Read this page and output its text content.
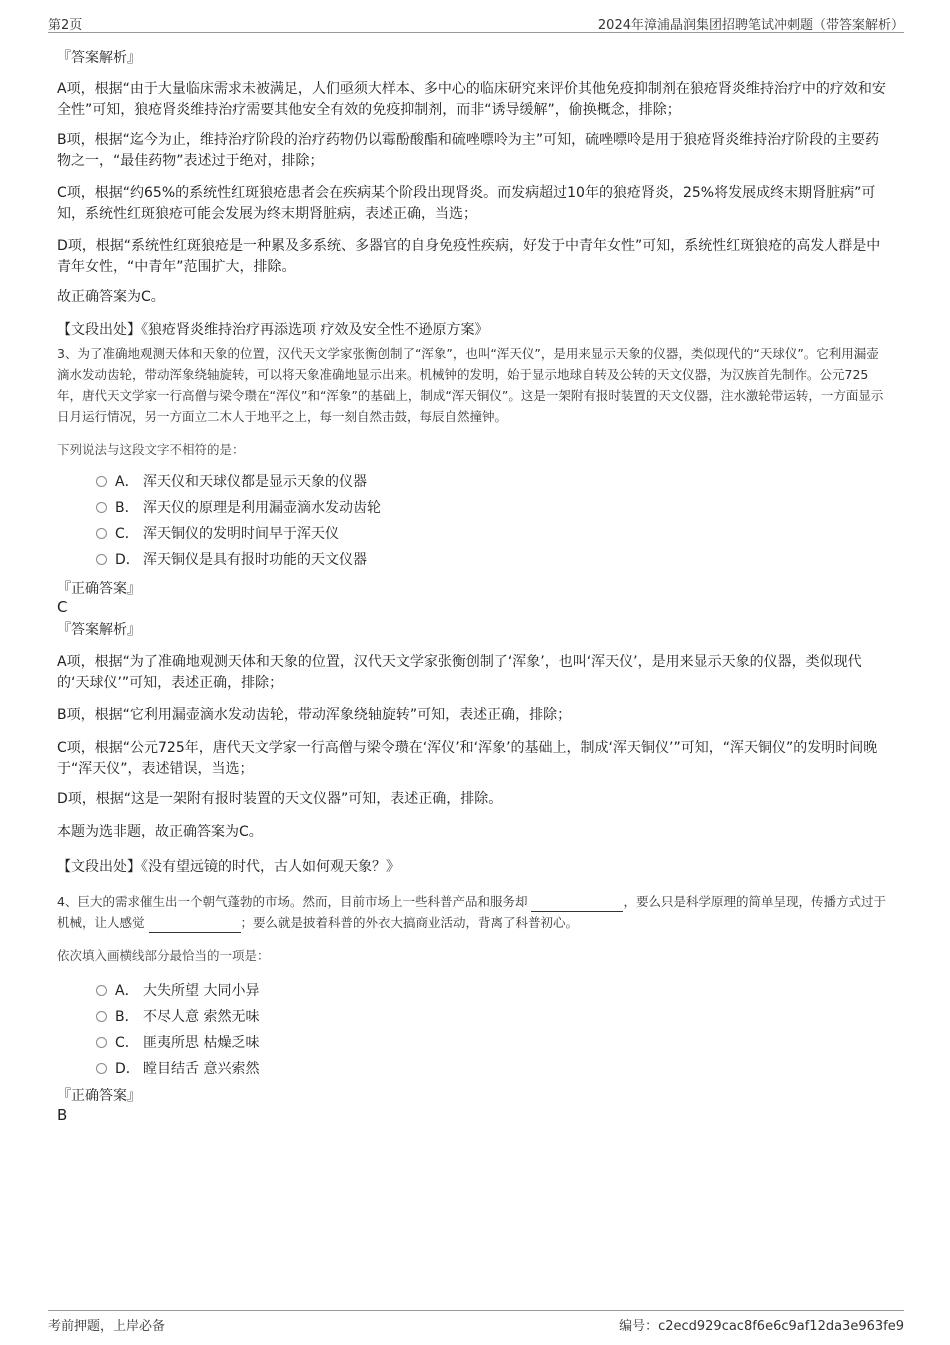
第2页	2024年漳浦晶润集团招聘笔试冲刺题（带答案解析）
『答案解析』
A项，根据“由于大量临床需求未被满足，人们亟须大样本、多中心的临床研究来评价其他免疫抑制剂在狼疮肾炎维持治疗中的疗效和安全性”可知，狼疮肾炎维持治疗需要其他安全有效的免疫抑制剂，而非“诱导缓解”，偷换概念，排除；
B项，根据“迄今为止，维持治疗阶段的治疗药物仍以霉酚酸酯和硫唑嘌呤为主”可知，硫唑嘌呤是用于狼疮肾炎维持治疗阶段的主要药物之一，“最佳药物”表述过于绝对，排除；
C项，根据“约65%的系统性红斑狼疮患者会在疾病某个阶段出现肾炎。而发病超过10年的狼疮肾炎，25%将发展成终末期肾脏病”可知，系统性红斑狼疮可能会发展为终末期肾脏病，表述正确，当选；
D项，根据“系统性红斑狼疮是一种累及多系统、多器官的自身免疫性疾病，好发于中青年女性”可知，系统性红斑狼疮的高发人群是中青年女性，“中青年”范围扩大，排除。
故正确答案为C。
【文段出处】《狼疮肾炎维持治疗再添选项 疗效及安全性不逊原方案》
3、为了准确地观测天体和天象的位置，汉代天文学家张衡创制了“浑象”，也叫“浑天仪”，是用来显示天象的仪器，类似现代的“天球仪”。它利用漏壶滴水发动齿轮，带动浑象绕轴旋转，可以将天象准确地显示出来。机械钟的发明，始于显示地球自转及公转的天文仪器，为汉族首先制作。公元725年，唐代天文学家一行高僧与梁令瓒在“浑仪”和“浑象”的基础上，制成“浑天铜仪”。这是一架附有报时装置的天文仪器，注水激轮带运转，一方面显示日月运行情况，另一方面立二木人于地平之上，每一刻自然击鼓，每辰自然撞钟。
下列说法与这段文字不相符的是：
A． 浑天仪和天球仪都是显示天象的仪器
B． 浑天仪的原理是利用漏壶滴水发动齿轮
C． 浑天铜仪的发明时间早于浑天仪
D． 浑天铜仪是具有报时功能的天文仪器
『正确答案』
C
『答案解析』
A项，根据“为了准确地观测天体和天象的位置，汉代天文学家张衡创制了‘浑象’，也叫‘浑天仪’，是用来显示天象的仪器，类似现代的‘天球仪’”可知，表述正确，排除；
B项，根据“它利用漏壶滴水发动齿轮，带动浑象绕轴旋转”可知，表述正确，排除；
C项，根据“公元725年，唐代天文学家一行高僧与梁令瓒在‘浑仪’和‘浑象’的基础上，制成‘浑天铜仪’”可知，“浑天铜仪”的发明时间晚于“浑天仪”，表述错误，当选；
D项，根据“这是一架附有报时装置的天文仪器”可知，表述正确，排除。
本题为选非题，故正确答案为C。
【文段出处】《没有望远镜的时代，古人如何观天象？》
4、巨大的需求催生出一个朝气蓬勃的市场。然而，目前市场上一些科普产品和服务却	，要么只是科学原理的简单呈现，传播方式过于机械，让人感觉	；要么就是披着科普的外衣大搞商业活动，背离了科普初心。
依次填入画横线部分最恰当的一项是：
A． 大失所望 大同小异
B． 不尽人意 索然无味
C． 匪夷所思 枯燥乏味
D． 瞠目结舌 意兴索然
『正确答案』
B
考前押题，上岸必备	编号：c2ecd929cac8f6e6c9af12da3e963fe9
